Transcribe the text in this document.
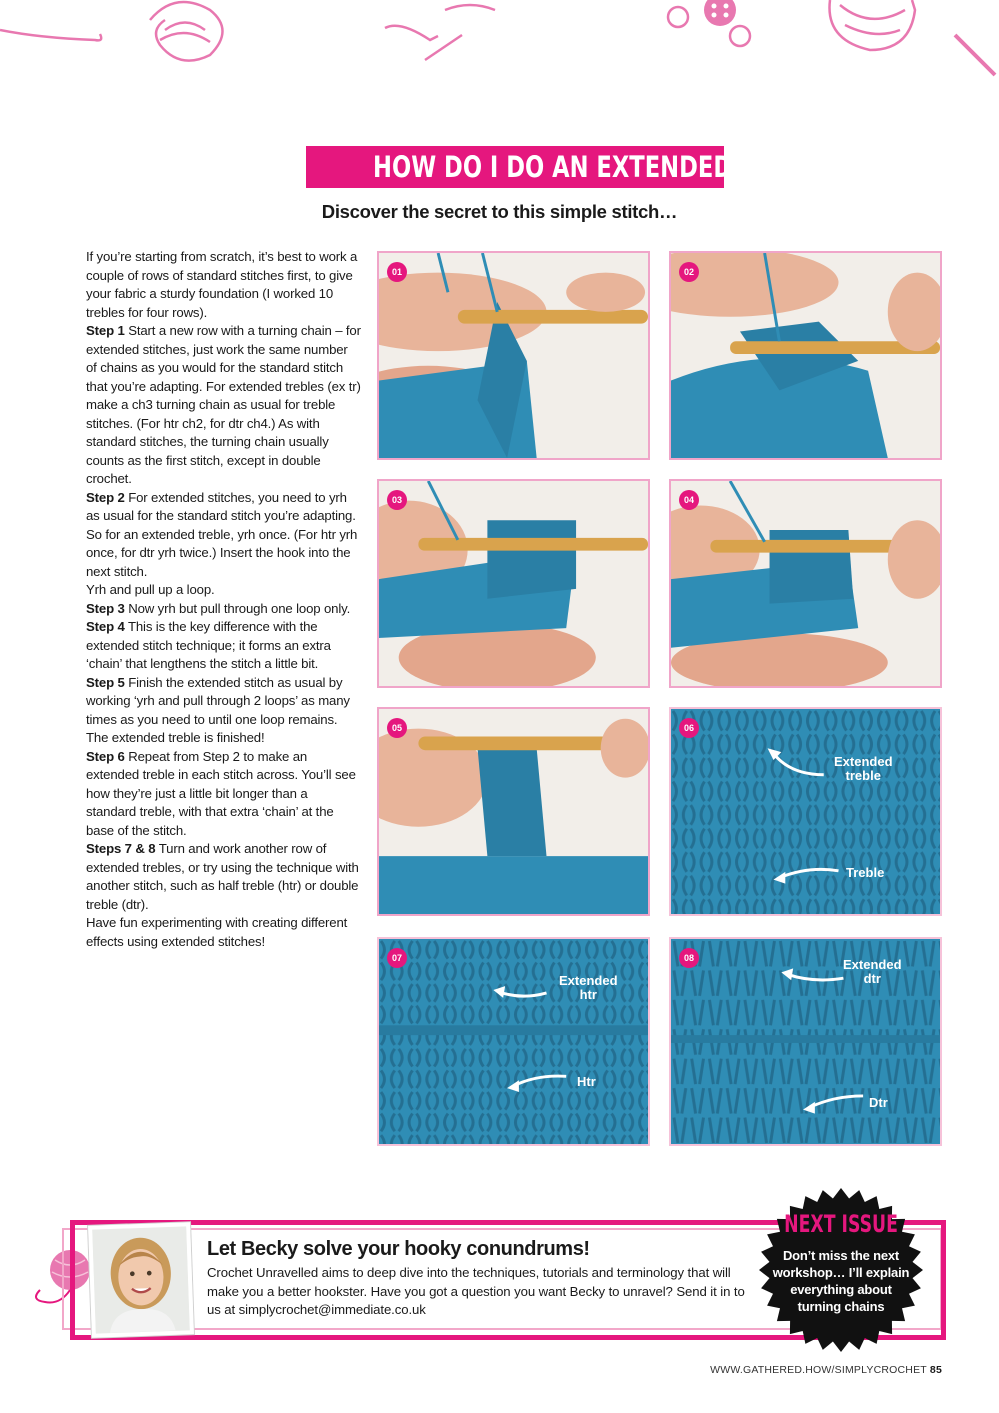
HOW DO I DO AN EXTENDED TREBLE?
Discover the secret to this simple stitch…

If you’re starting from scratch, it’s best to work a couple of rows of standard stitches first, to give your fabric a sturdy foundation (I worked 10 trebles for four rows).

Step 1 Start a new row with a turning chain – for extended stitches, just work the same number of chains as you would for the standard stitch that you’re adapting. For extended trebles (ex tr) make a ch3 turning chain as usual for treble stitches. (For htr ch2, for dtr ch4.) As with standard stitches, the turning chain usually counts as the first stitch, except in double crochet.

Step 2 For extended stitches, you need to yrh as usual for the standard stitch you’re adapting. So for an extended treble, yrh once. (For htr yrh once, for dtr yrh twice.) Insert the hook into the next stitch.

Yrh and pull up a loop.

Step 3 Now yrh but pull through one loop only.

Step 4 This is the key difference with the extended stitch technique; it forms an extra ‘chain’ that lengthens the stitch a little bit.

Step 5 Finish the extended stitch as usual by working ‘yrh and pull through 2 loops’ as many times as you need to until one loop remains. The extended treble is finished!

Step 6 Repeat from Step 2 to make an extended treble in each stitch across. You’ll see how they’re just a little bit longer than a standard treble, with that extra ‘chain’ at the base of the stitch.

Steps 7 & 8 Turn and work another row of extended trebles, or try using the technique with another stitch, such as half treble (htr) or double treble (dtr).

Have fun experimenting with creating different effects using extended stitches!

01	02
03	04
05	06
Extended
treble
Treble
07
Extended
htr
Htr
08	Extended
dtr
Dtr
Let Becky solve your hooky conundrums!
Crochet Unravelled aims to deep dive into the techniques, tutorials and terminology that will make you a better hookster. Have you got a question you want Becky to unravel? Send it in to us at simplycrochet@immediate.co.uk
NEXT ISSUE
Don’t miss the next workshop… I’ll explain everything about turning chains
WWW.GATHERED.HOW/SIMPLYCROCHET 85
